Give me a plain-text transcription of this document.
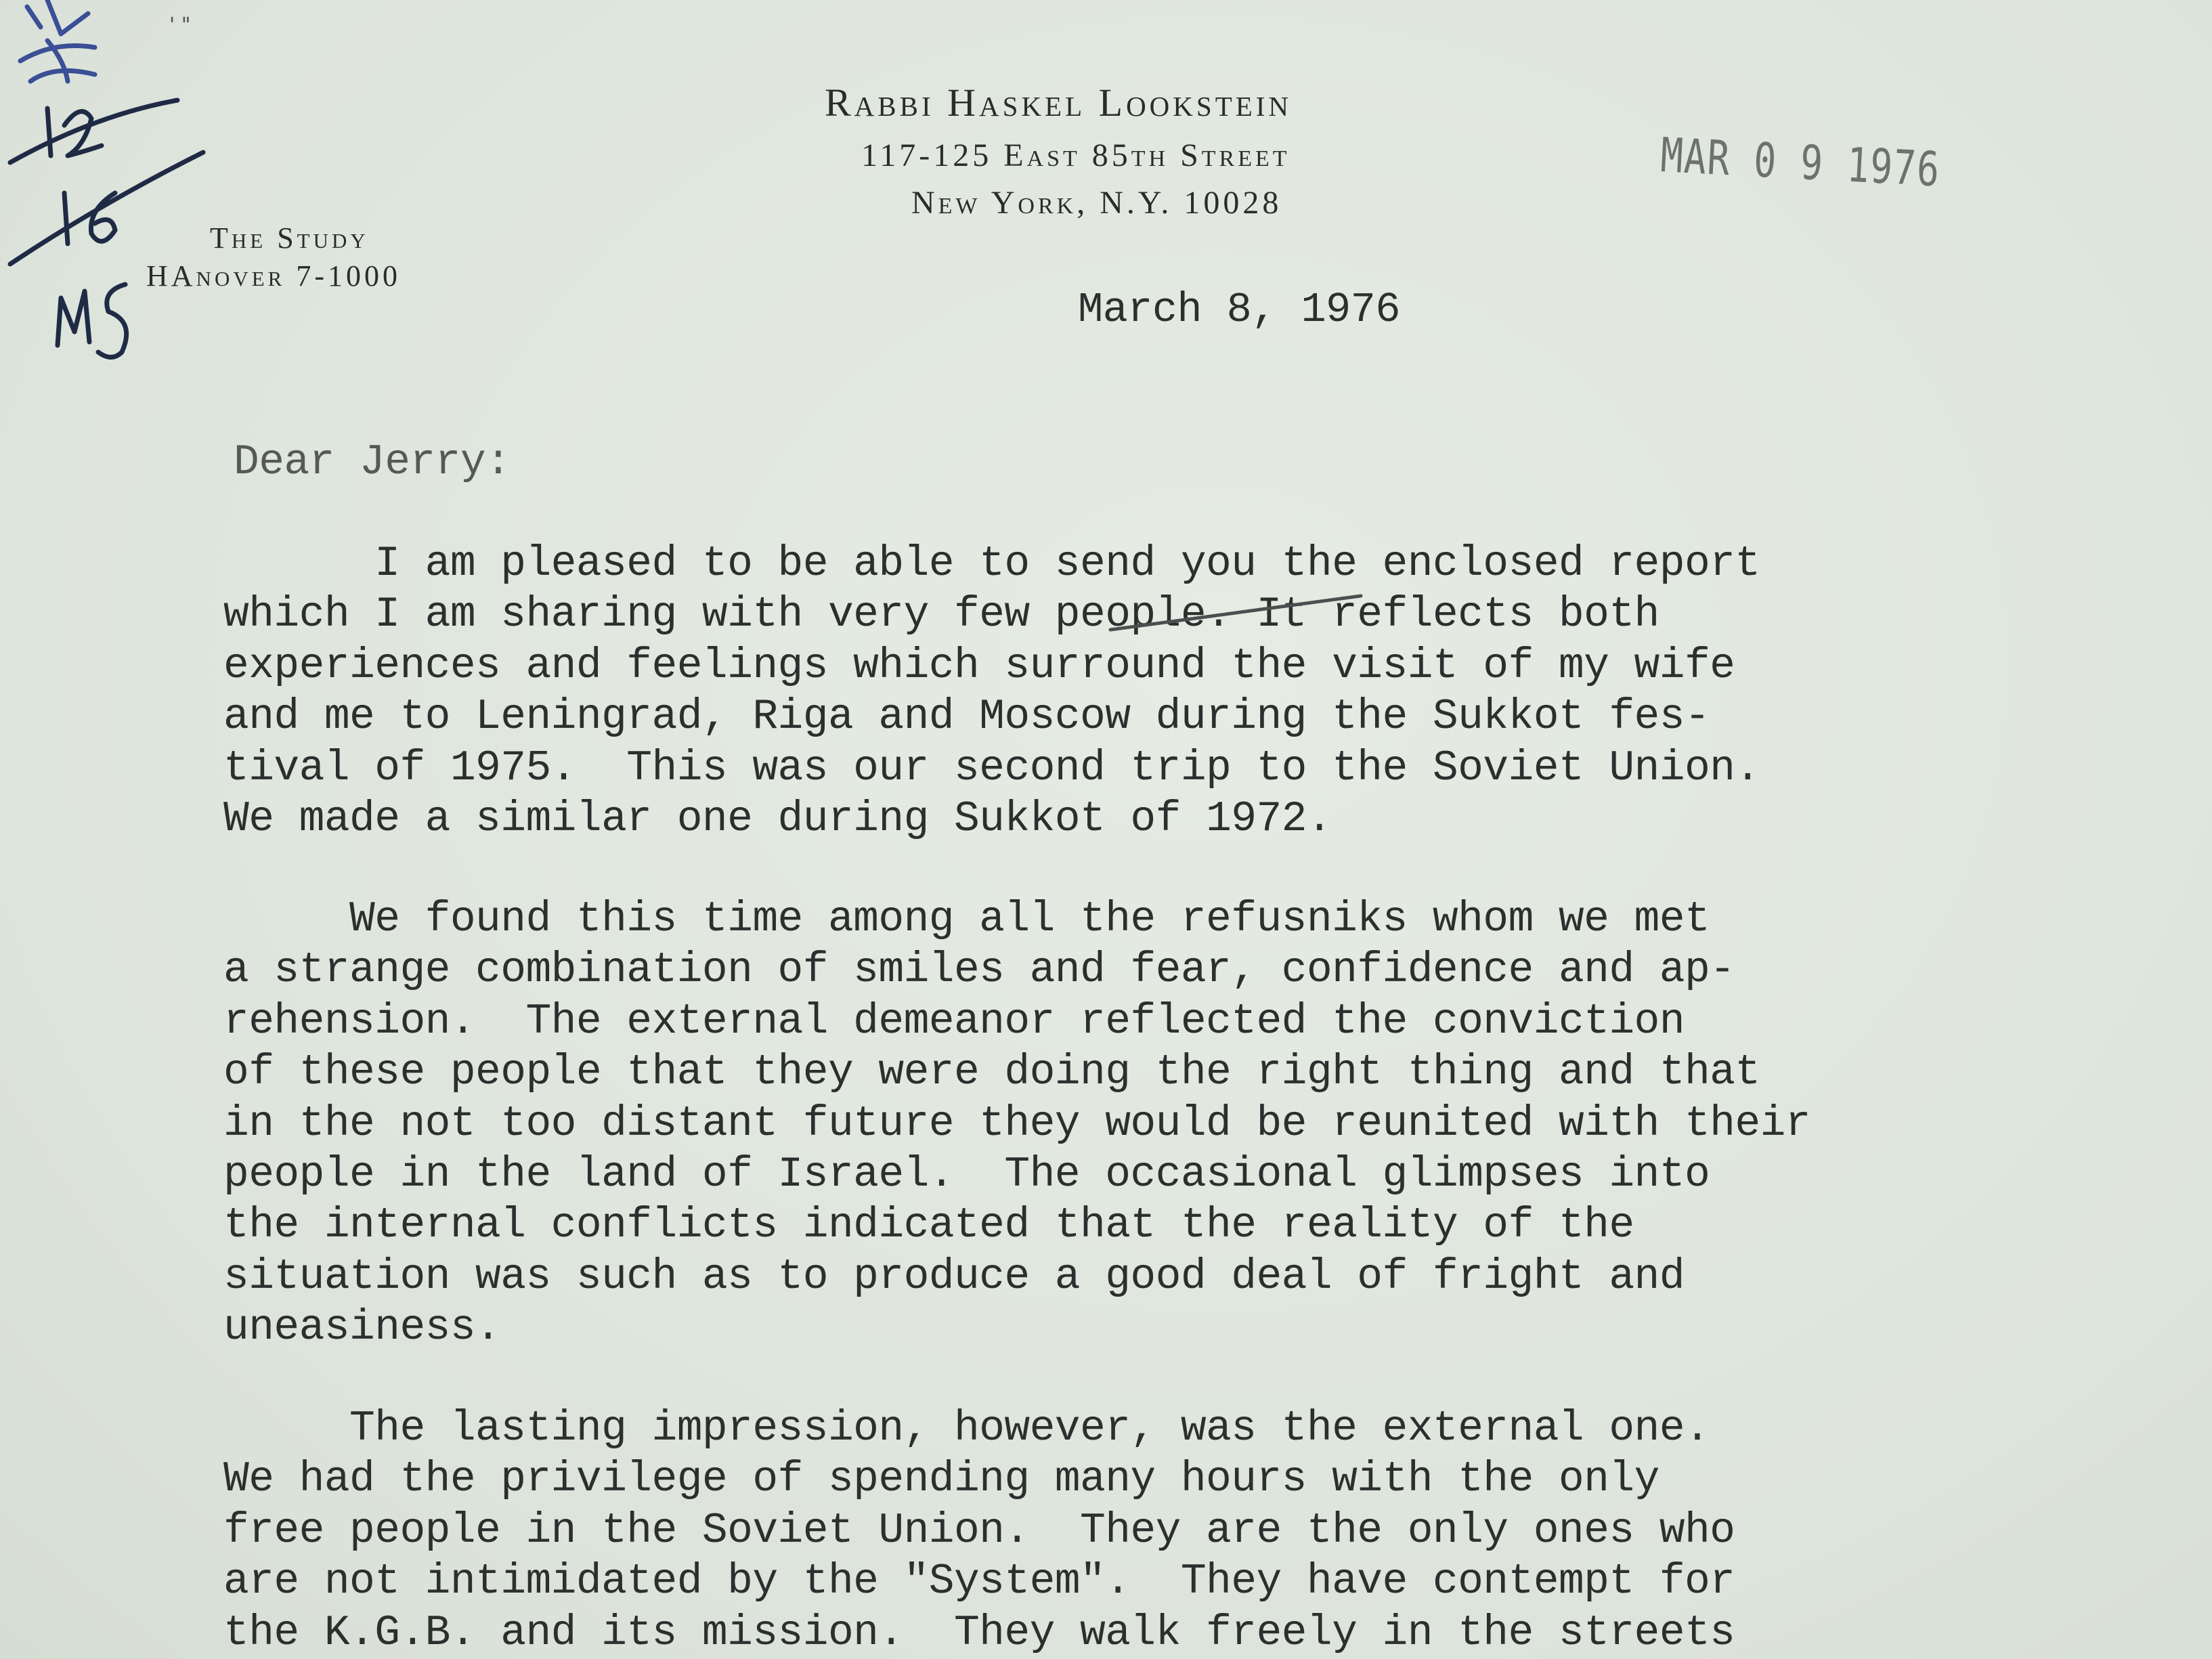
' "
Rabbi Haskel Lookstein
117-125 East 85th Street
New York, N.Y. 10028
The Study
HAnover 7-1000
MAR 0 9 1976
March 8, 1976
Dear Jerry:
I am pleased to be able to send you the enclosed report
which I am sharing with very few people. It reflects both
experiences and feelings which surround the visit of my wife
and me to Leningrad, Riga and Moscow during the Sukkot fes-
tival of 1975.  This was our second trip to the Soviet Union.
We made a similar one during Sukkot of 1972.
We found this time among all the refusniks whom we met
a strange combination of smiles and fear, confidence and ap-
rehension.  The external demeanor reflected the conviction
of these people that they were doing the right thing and that
in the not too distant future they would be reunited with their
people in the land of Israel.  The occasional glimpses into
the internal conflicts indicated that the reality of the
situation was such as to produce a good deal of fright and
uneasiness.
The lasting impression, however, was the external one.
We had the privilege of spending many hours with the only
free people in the Soviet Union.  They are the only ones who
are not intimidated by the "System".  They have contempt for
the K.G.B. and its mission.  They walk freely in the streets
